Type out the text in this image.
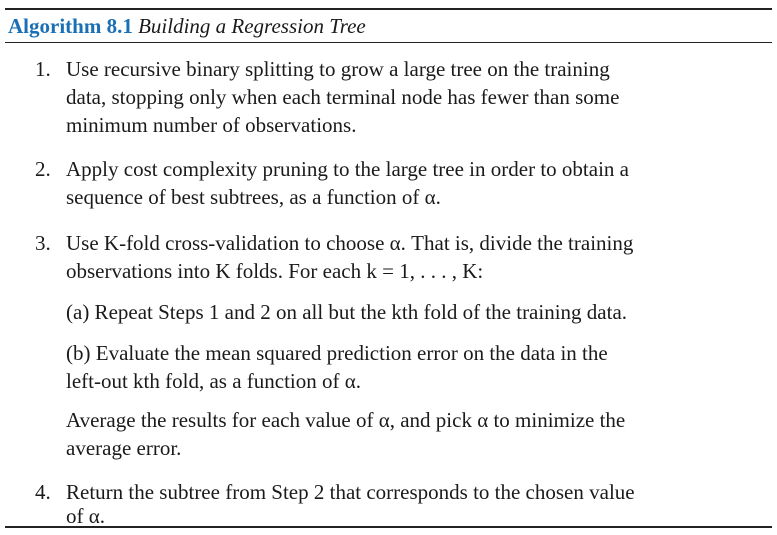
Algorithm 8.1 Building a Regression Tree
1. Use recursive binary splitting to grow a large tree on the training
data, stopping only when each terminal node has fewer than some
minimum number of observations.
2. Apply cost complexity pruning to the large tree in order to obtain a
sequence of best subtrees, as a function of α.
3. Use K-fold cross-validation to choose α. That is, divide the training
observations into K folds. For each k = 1, . . . , K:
(a) Repeat Steps 1 and 2 on all but the kth fold of the training data.
(b) Evaluate the mean squared prediction error on the data in the
left-out kth fold, as a function of α.
Average the results for each value of α, and pick α to minimize the
average error.
4. Return the subtree from Step 2 that corresponds to the chosen value
of α.
